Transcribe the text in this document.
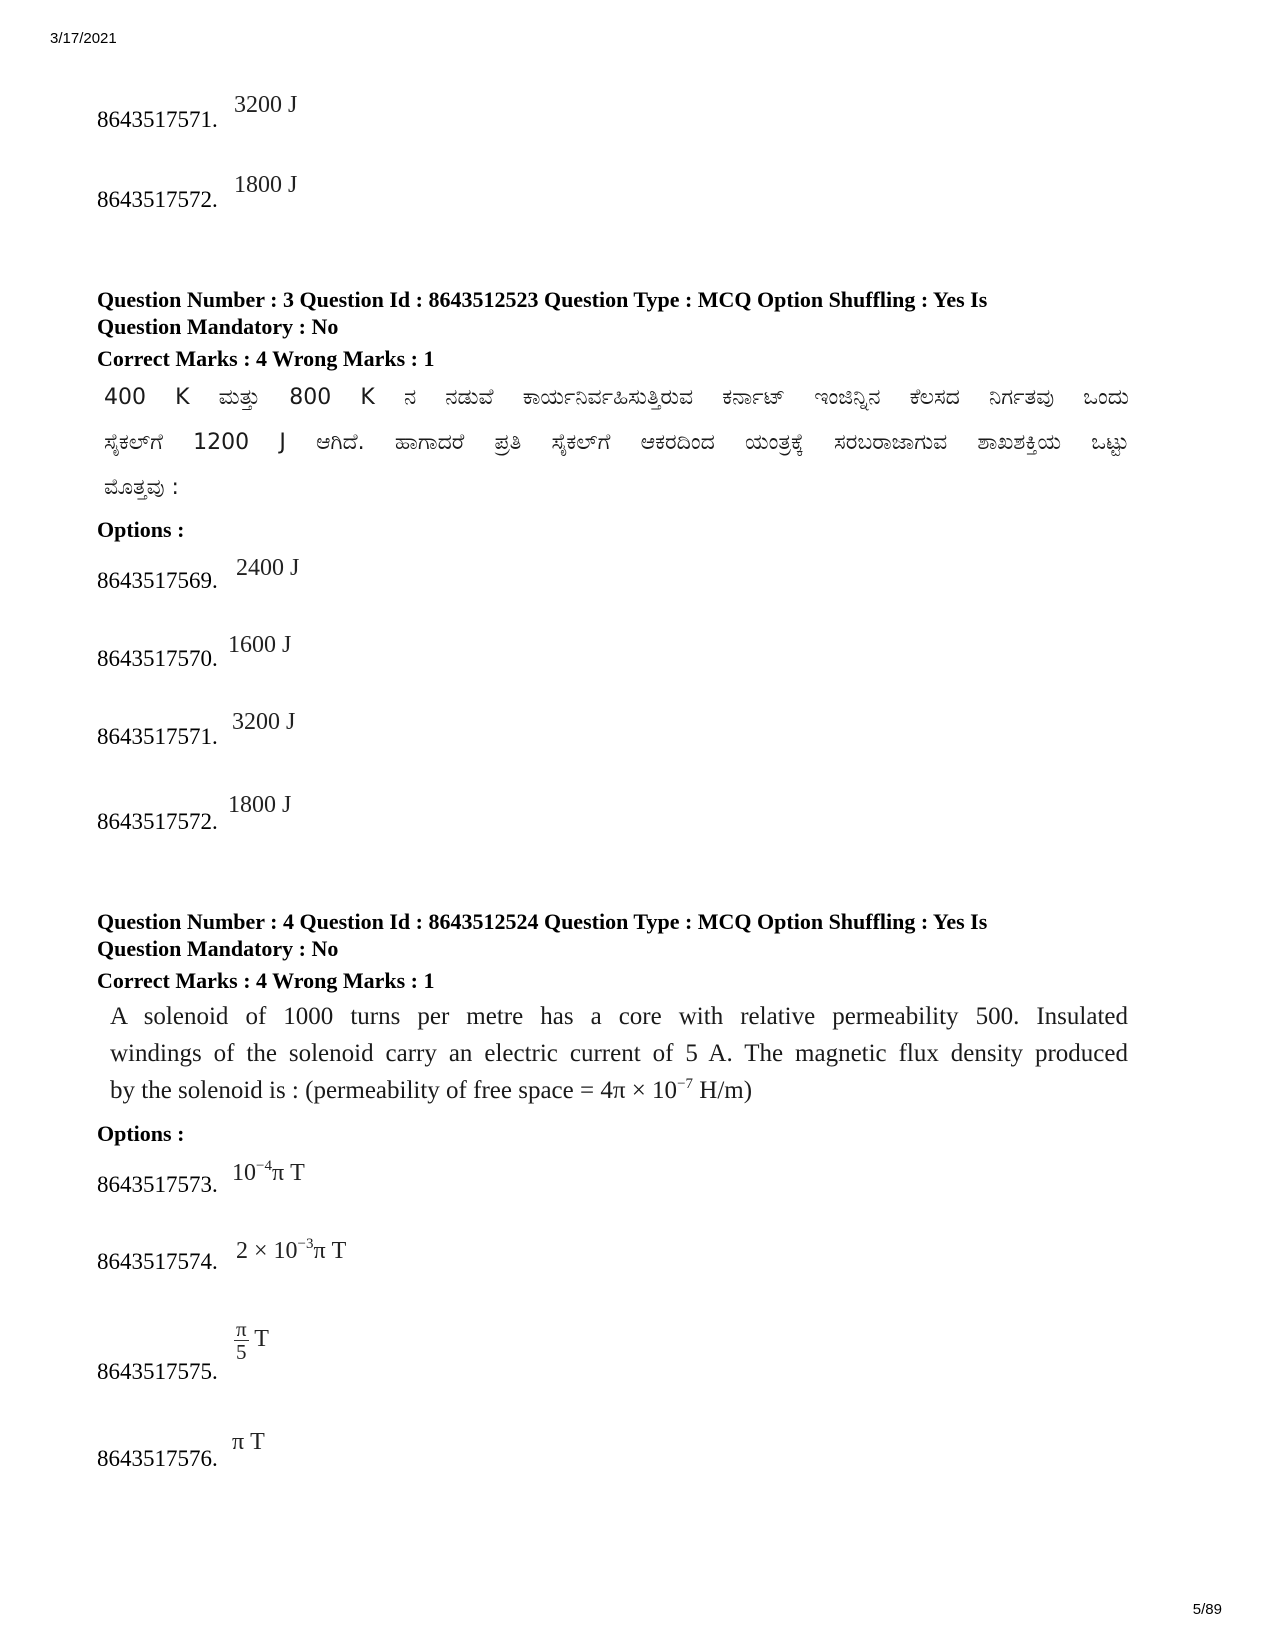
3/17/2021
8643517571.
3200 J
8643517572.
1800 J
Question Number : 3 Question Id : 8643512523 Question Type : MCQ Option Shuffling : Yes Is
Question Mandatory : No
Correct Marks : 4 Wrong Marks : 1
400 K ಮತ್ತು 800 K ನ ನಡುವೆ ಕಾರ್ಯನಿರ್ವಹಿಸುತ್ತಿರುವ ಕರ್ನಾಟ್ ಇಂಜಿನ್ನಿನ ಕೆಲಸದ ನಿರ್ಗತವು ಒಂದು
ಸೈಕಲ್‌ಗೆ 1200 J ಆಗಿದೆ. ಹಾಗಾದರೆ ಪ್ರತಿ ಸೈಕಲ್‌ಗೆ ಆಕರದಿಂದ ಯಂತ್ರಕ್ಕೆ ಸರಬರಾಜಾಗುವ ಶಾಖಶಕ್ತಿಯ ಒಟ್ಟು
ಮೊತ್ತವು :
Options :
8643517569. 2400 J
8643517570.
1600 J
8643517571.
3200 J
8643517572.
1800 J
Question Number : 4 Question Id : 8643512524 Question Type : MCQ Option Shuffling : Yes Is
Question Mandatory : No
Correct Marks : 4 Wrong Marks : 1
A solenoid of 1000 turns per metre has a core with relative permeability 500. Insulated
windings of the solenoid carry an electric current of 5 A. The magnetic flux density produced
by the solenoid is : (permeability of free space = $4\pi \times 10^{-7}$ H/m)
Options :
8643517573. $10^{-4}\pi$ T
8643517574. $2 \times 10^{-3}\pi$ T
8643517575.
$\frac{\pi}{5}$ T
8643517576.
π T
5/89
